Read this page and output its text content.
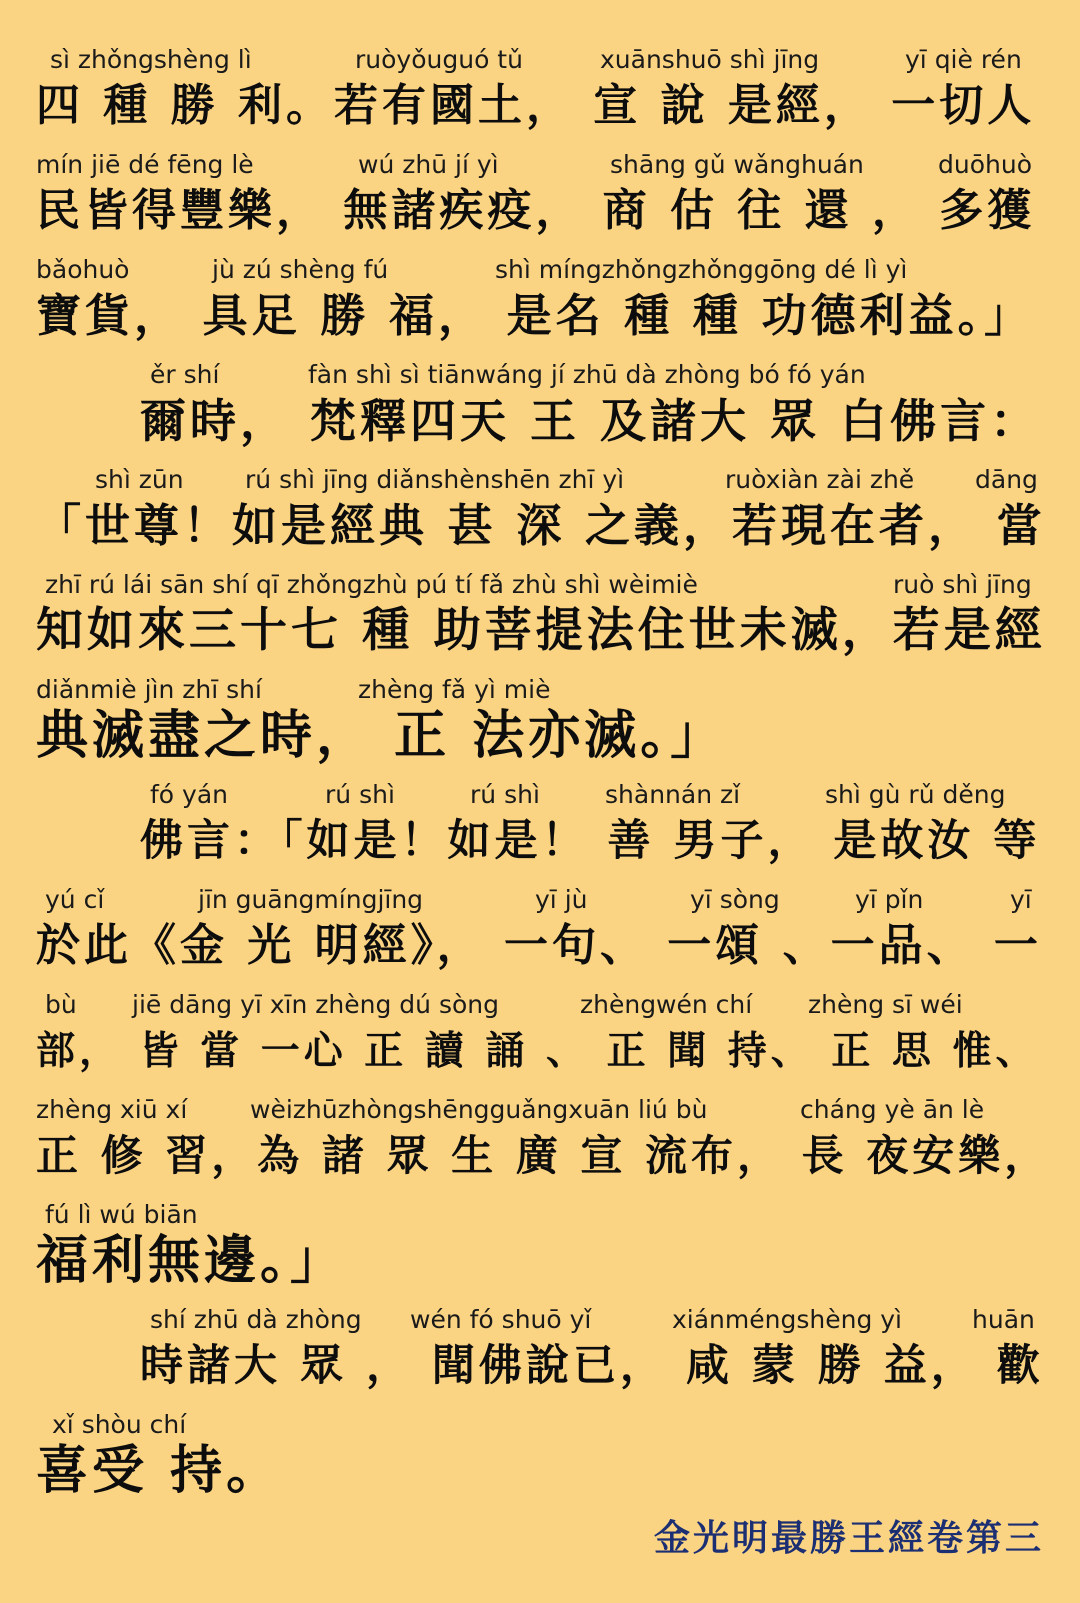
sì zhǒngshèng lì

	ruòyǒuguó tǔ

	xuānshuō shì jīng

	yī qiè rén

四 種 勝 利。若有國土， 宣 說 是經， 一切人

mín jiē dé fēng lè

	wú zhū jí yì

	shāng gǔ wǎnghuán

	duōhuò

民皆得豐樂， 無諸疾疫， 商 估 往 還 ， 多獲

bǎohuò

	jù zú shèng fú

	shì míngzhǒngzhǒnggōng dé lì yì

寶貨， 具足 勝 福， 是名 種 種 功德利益。」

ěr shí

	fàn shì sì tiānwáng jí zhū dà zhòng bó fó yán

爾時， 梵釋四天 王 及諸大 眾 白佛言：

shì zūn

rú shì jīng diǎnshènshēn zhī yì

	ruòxiàn zài zhě

dāng

「世尊！如是經典 甚 深 之義，若現在者， 當

zhī rú lái sān shí qī zhǒngzhù pú tí fǎ zhù shì wèimiè

	ruò shì jīng

知如來三十七 種 助菩提法住世未滅，若是經

diǎnmiè jìn zhī shí

	zhèng fǎ yì miè

典滅盡之時， 正 法亦滅。」

fó yán

	rú shì

	rú shì

	shànnán zǐ

	shì gù rǔ děng

佛言：「如是！如是！ 善 男子， 是故汝 等

yú cǐ

	jīn guāngmíngjīng

	yī jù

	yī sòng

	yī pǐn

	yī

於此《金 光 明經》， 一句、 一頌 、一品、 一

bù

jiē dāng yī xīn zhèng dú sòng

	zhèngwén chí

zhèng sī wéi

部， 皆 當 一心 正 讀 誦 、 正 聞 持、 正 思 惟、

zhèng xiū xí

	wèizhūzhòngshēngguǎngxuān liú bù

	cháng yè ān lè

正 修 習，為 諸 眾 生 廣 宣 流布， 長 夜安樂，

fú lì wú biān

福利無邊。」

shí zhū dà zhòng

wén fó shuō yǐ

	xiánméngshèng yì

	huān

時諸大 眾 ， 聞佛說已， 咸 蒙 勝 益， 歡

xǐ shòu chí

喜受 持。
金光明最勝王經卷第三
